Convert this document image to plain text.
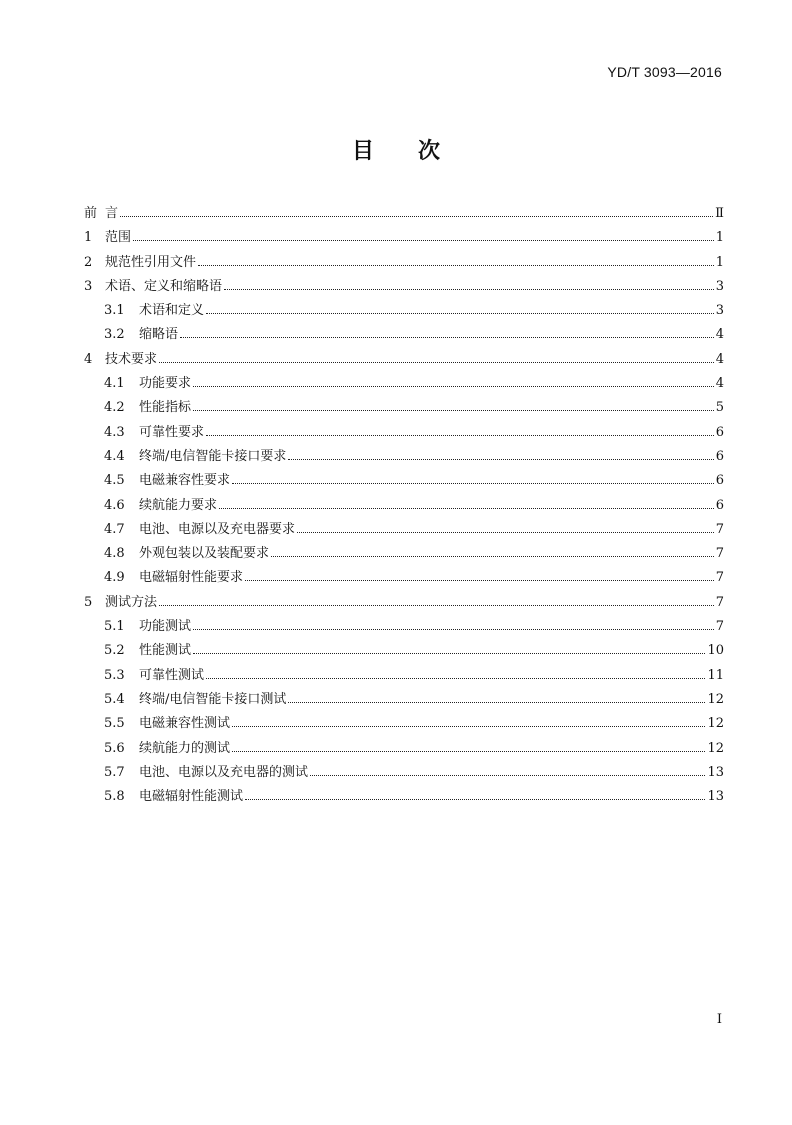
YD/T 3093—2016
目 次
前 言	Ⅱ
1 范围	1
2 规范性引用文件	1
3 术语、定义和缩略语	3
3.1	术语和定义	3
3.2	缩略语	4
4 技术要求	4
4.1	功能要求	4
4.2	性能指标	5
4.3	可靠性要求	6
4.4	终端/电信智能卡接口要求	6
4.5	电磁兼容性要求	6
4.6	续航能力要求	6
4.7	电池、电源以及充电器要求	7
4.8	外观包装以及装配要求	7
4.9	电磁辐射性能要求	7
5 测试方法	7
5.1	功能测试	7
5.2	性能测试	10
5.3	可靠性测试	11
5.4	终端/电信智能卡接口测试	12
5.5	电磁兼容性测试	12
5.6	续航能力的测试	12
5.7	电池、电源以及充电器的测试	13
5.8	电磁辐射性能测试	13
I
